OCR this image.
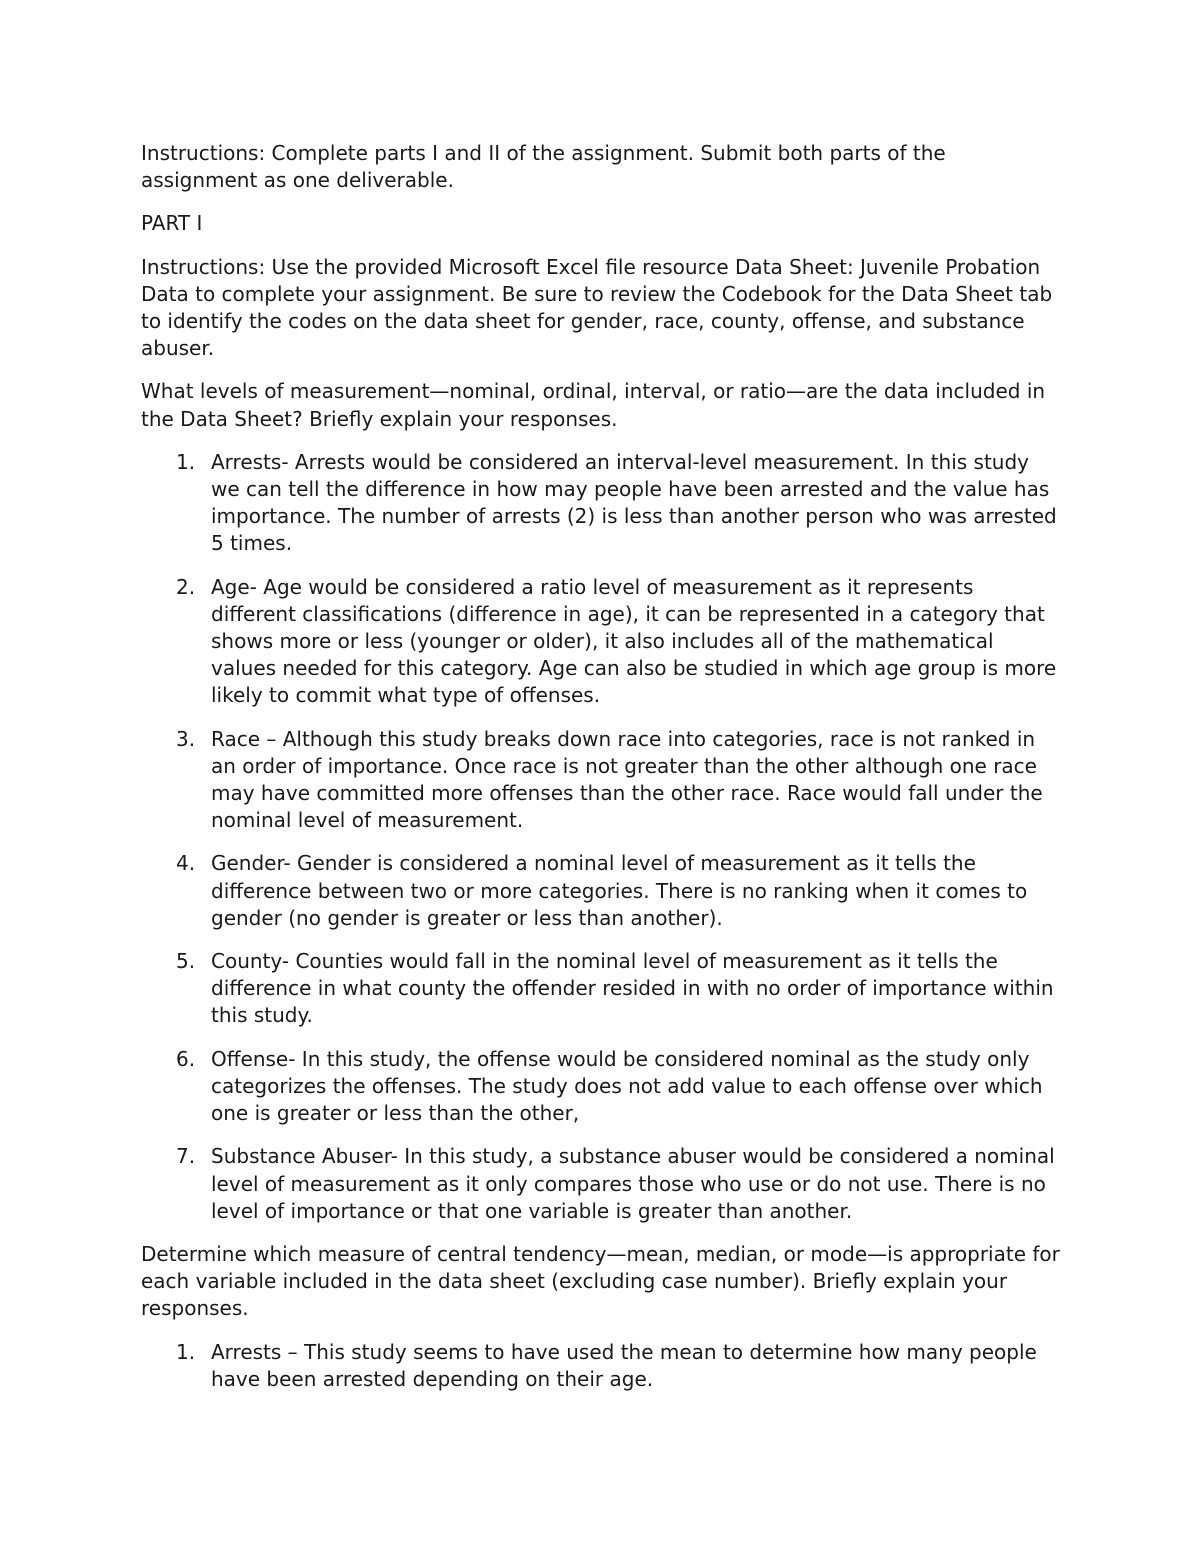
Instructions: Complete parts I and II of the assignment. Submit both parts of the assignment as one deliverable.

PART I

Instructions: Use the provided Microsoft Excel file resource Data Sheet: Juvenile Probation Data to complete your assignment. Be sure to review the Codebook for the Data Sheet tab to identify the codes on the data sheet for gender, race, county, offense, and substance abuser.

What levels of measurement—nominal, ordinal, interval, or ratio—are the data included in the Data Sheet? Briefly explain your responses.

1. Arrests- Arrests would be considered an interval-level measurement. In this study we can tell the difference in how may people have been arrested and the value has importance. The number of arrests (2) is less than another person who was arrested 5 times.
2. Age- Age would be considered a ratio level of measurement as it represents different classifications (difference in age), it can be represented in a category that shows more or less (younger or older), it also includes all of the mathematical values needed for this category. Age can also be studied in which age group is more likely to commit what type of offenses.
3. Race – Although this study breaks down race into categories, race is not ranked in an order of importance. Once race is not greater than the other although one race may have committed more offenses than the other race. Race would fall under the nominal level of measurement.
4. Gender- Gender is considered a nominal level of measurement as it tells the difference between two or more categories. There is no ranking when it comes to gender (no gender is greater or less than another).
5. County- Counties would fall in the nominal level of measurement as it tells the difference in what county the offender resided in with no order of importance within this study.
6. Offense- In this study, the offense would be considered nominal as the study only categorizes the offenses. The study does not add value to each offense over which one is greater or less than the other,
7. Substance Abuser- In this study, a substance abuser would be considered a nominal level of measurement as it only compares those who use or do not use. There is no level of importance or that one variable is greater than another.

Determine which measure of central tendency—mean, median, or mode—is appropriate for each variable included in the data sheet (excluding case number). Briefly explain your responses.

1. Arrests – This study seems to have used the mean to determine how many people have been arrested depending on their age.
